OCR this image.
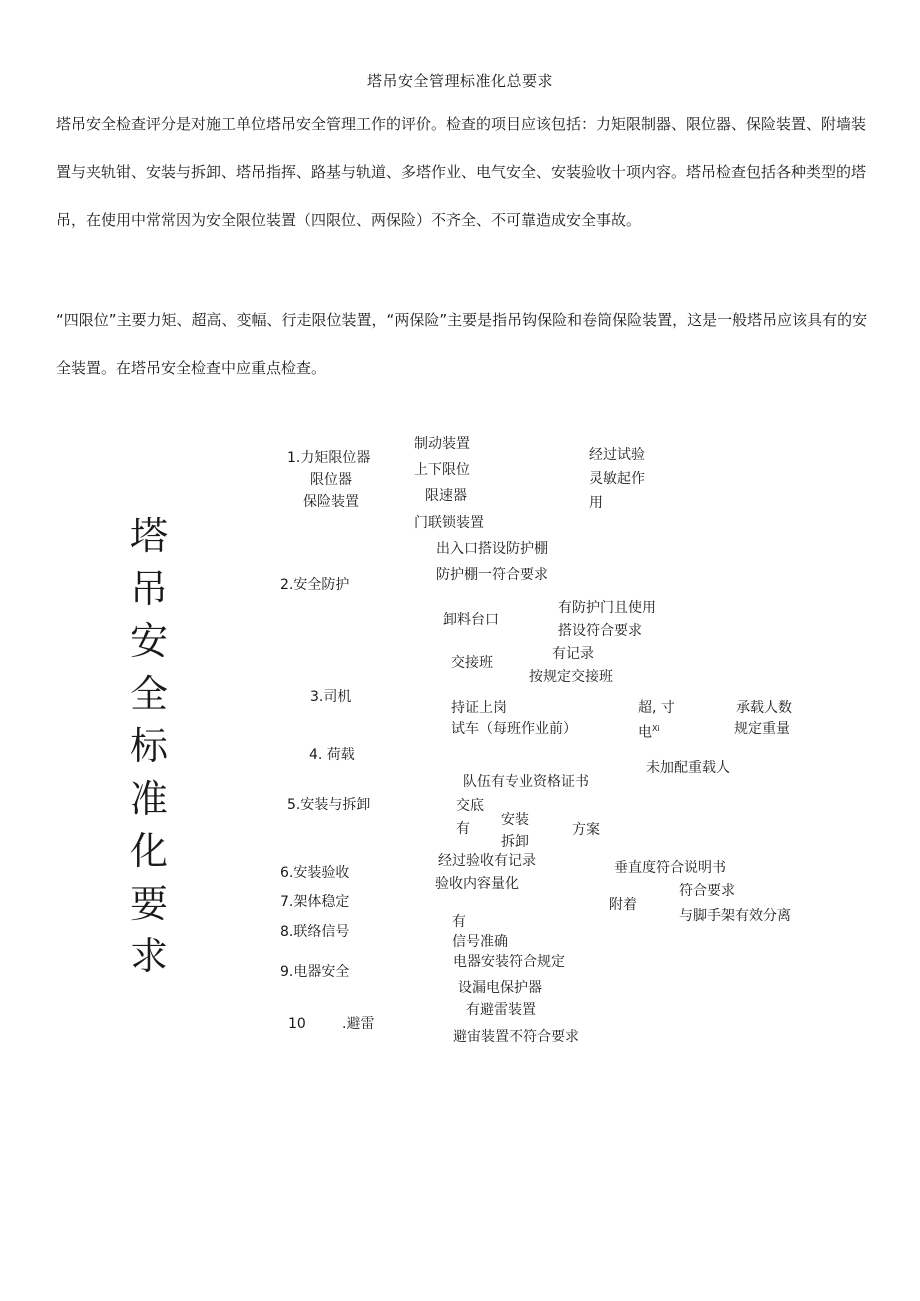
塔吊安全管理标准化总要求

塔吊安全检查评分是对施工单位塔吊安全管理工作的评价。检查的项目应该包括：力矩限制器、限位器、保险装置、附墙装置与夹轨钳、安装与拆卸、塔吊指挥、路基与轨道、多塔作业、电气安全、安装验收十项内容。塔吊检查包括各种类型的塔吊，在使用中常常因为安全限位装置（四限位、两保险）不齐全、不可靠造成安全事故。

“四限位”主要力矩、超高、变幅、行走限位装置，“两保险”主要是指吊钩保险和卷筒保险装置，这是一般塔吊应该具有的安全装置。在塔吊安全检查中应重点检查。

塔
吊
安
全
标
准
化
要
求
1.力矩限位器
限位器
保险装置
2.安全防护
3.司机
4. 荷载
5.安装与拆卸
6.安装验收
7.架体稳定
8.联络信号
9.电器安全
10	.避雷
制动装置
上下限位
限速器
门联锁装置
经过试验
灵敏起作
用
出入口搭设防护棚
防护棚一符合要求
卸料台口
有防护门且使用
搭设符合要求
交接班
有记录
按规定交接班
持证上岗
试车（每班作业前）
超, 寸
电$^{Xi}$
承载人数
规定重量
未加配重载人
队伍有专业资格证书
交底
有
安装
拆卸
方案
经过验收有记录
验收内容量化
垂直度符合说明书
符合要求
附着
与脚手架有效分离
有
信号准确
电器安装符合规定
设漏电保护器
有避雷装置
避宙装置不符合要求
